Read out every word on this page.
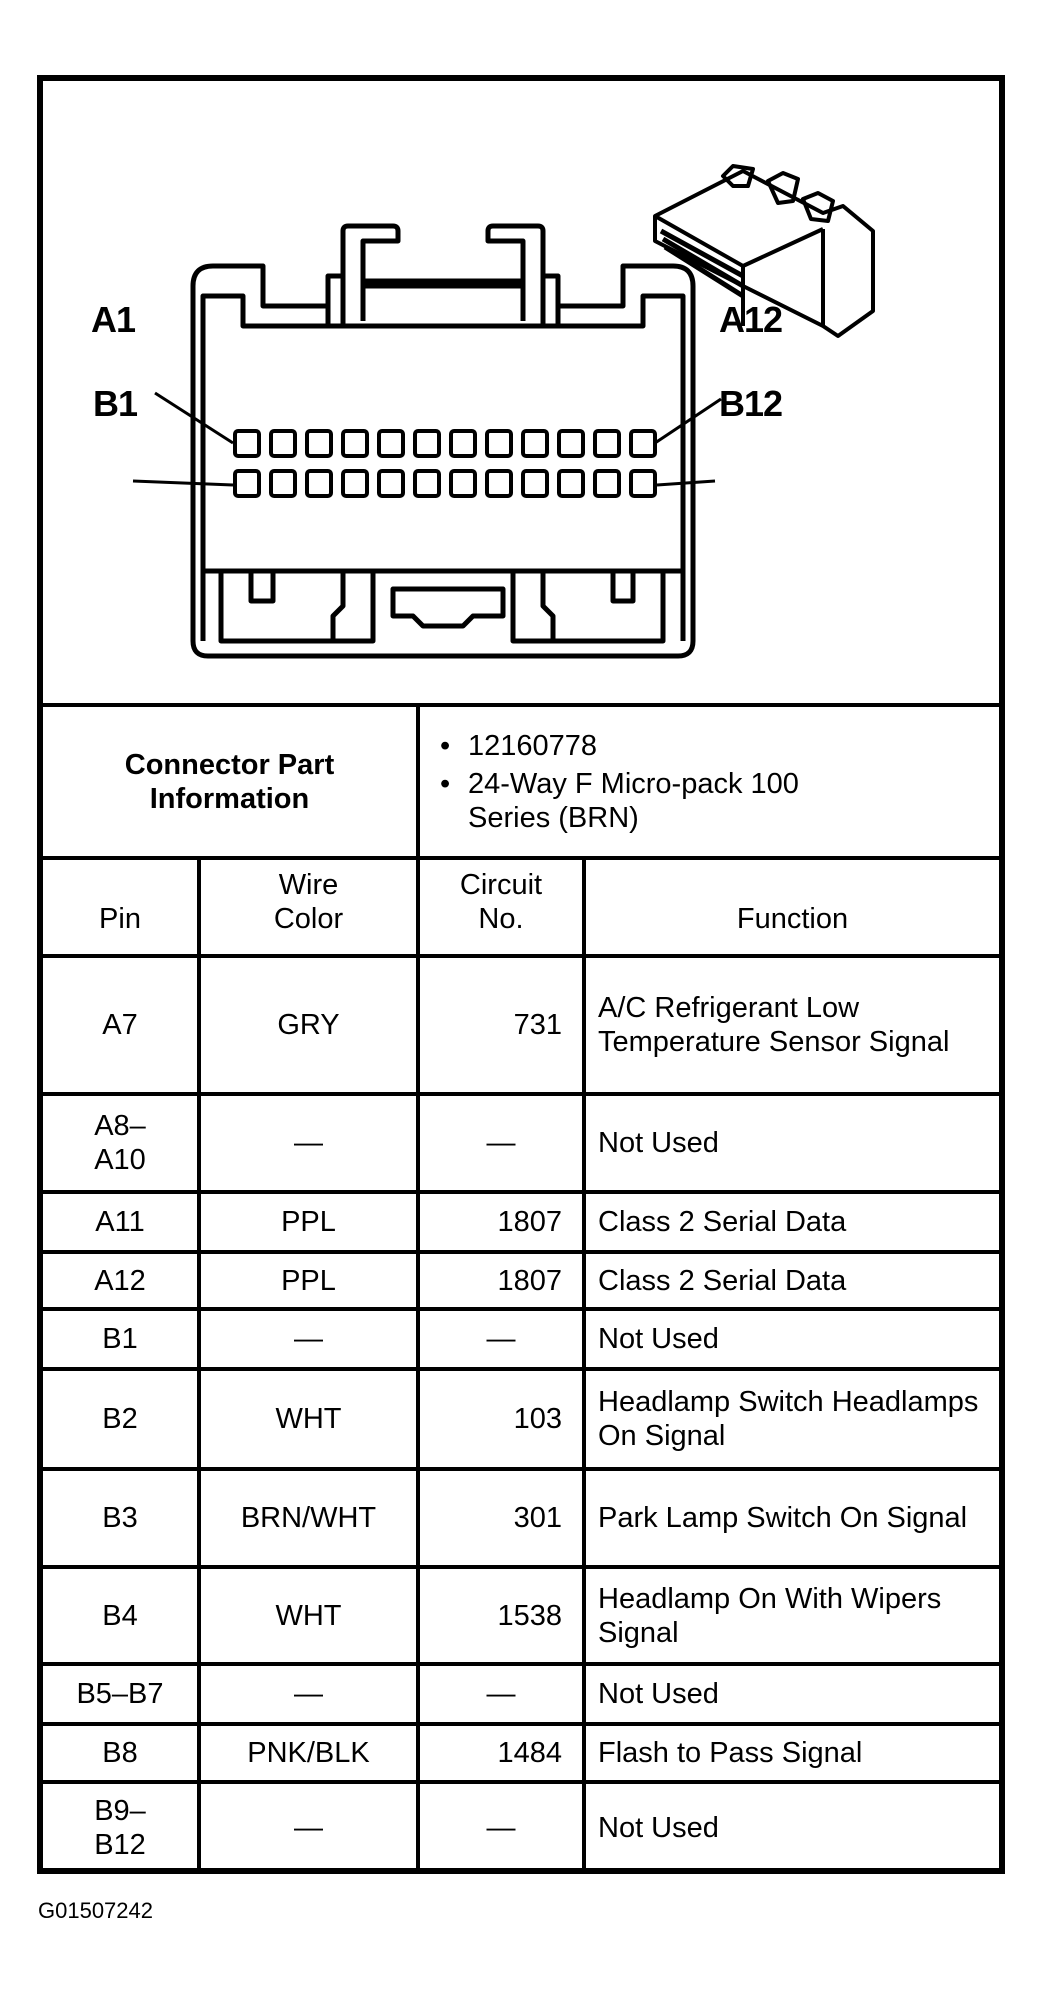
A1	A12
B1	B12
Connector Part Information		• 12160778
• 24-Way F Micro-pack 100 Series (BRN)

Pin	Wire Color	Circuit No.	Function
A7	GRY	731	A/C Refrigerant Low Temperature Sensor Signal
A8–A10	—	—	Not Used
A11	PPL	1807	Class 2 Serial Data
A12	PPL	1807	Class 2 Serial Data
B1	—	—	Not Used
B2	WHT	103	Headlamp Switch Headlamps On Signal
B3	BRN/WHT	301	Park Lamp Switch On Signal
B4	WHT	1538	Headlamp On With Wipers Signal
B5–B7	—	—	Not Used
B8	PNK/BLK	1484	Flash to Pass Signal
B9–B12	—	—	Not Used
G01507242
